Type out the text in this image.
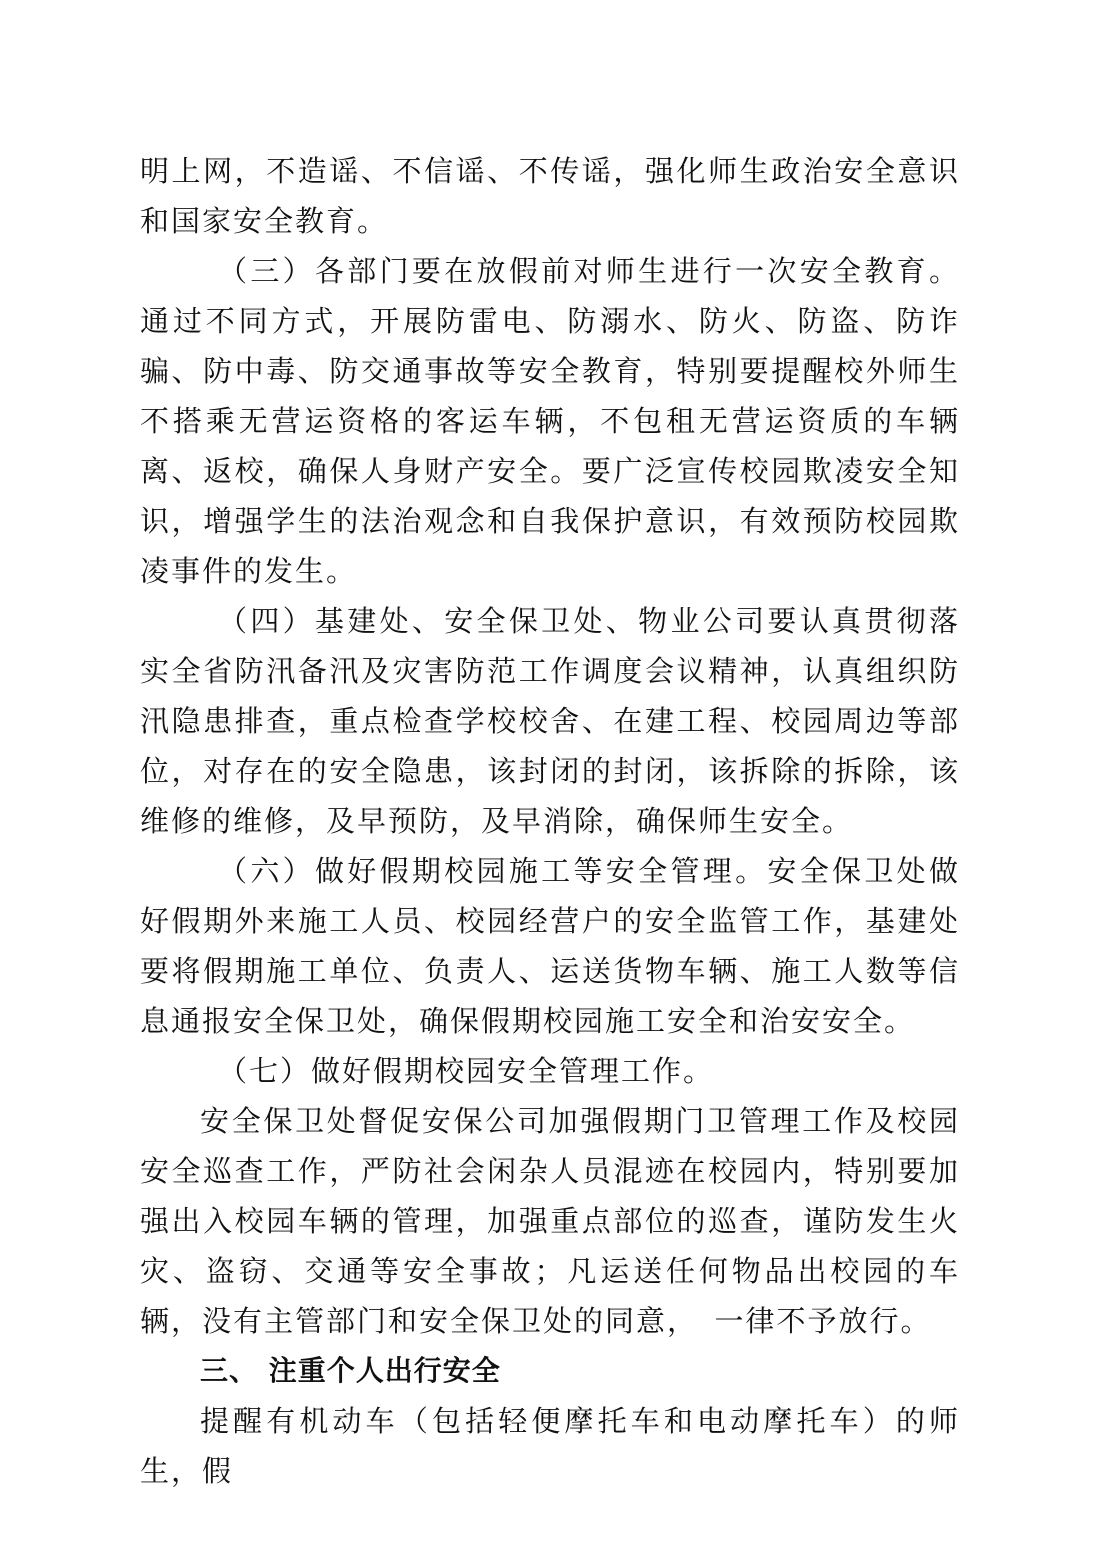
明上网，不造谣、不信谣、不传谣，强化师生政治安全意识和国家安全教育。

（三）各部门要在放假前对师生进行一次安全教育。通过不同方式，开展防雷电、防溺水、防火、防盗、防诈骗、防中毒、防交通事故等安全教育，特别要提醒校外师生不搭乘无营运资格的客运车辆，不包租无营运资质的车辆离、返校，确保人身财产安全。要广泛宣传校园欺凌安全知识，增强学生的法治观念和自我保护意识，有效预防校园欺凌事件的发生。

（四）基建处、安全保卫处、物业公司要认真贯彻落实全省防汛备汛及灾害防范工作调度会议精神，认真组织防汛隐患排查，重点检查学校校舍、在建工程、校园周边等部位，对存在的安全隐患，该封闭的封闭，该拆除的拆除，该维修的维修，及早预防，及早消除，确保师生安全。

（六）做好假期校园施工等安全管理。安全保卫处做好假期外来施工人员、校园经营户的安全监管工作，基建处要将假期施工单位、负责人、运送货物车辆、施工人数等信息通报安全保卫处，确保假期校园施工安全和治安安全。

（七）做好假期校园安全管理工作。

安全保卫处督促安保公司加强假期门卫管理工作及校园安全巡查工作，严防社会闲杂人员混迹在校园内，特别要加强出入校园车辆的管理，加强重点部位的巡查，谨防发生火灾、盗窃、交通等安全事故；凡运送任何物品出校园的车辆，没有主管部门和安全保卫处的同意，　一律不予放行。

三、 注重个人出行安全

提醒有机动车（包括轻便摩托车和电动摩托车）的师生，假
